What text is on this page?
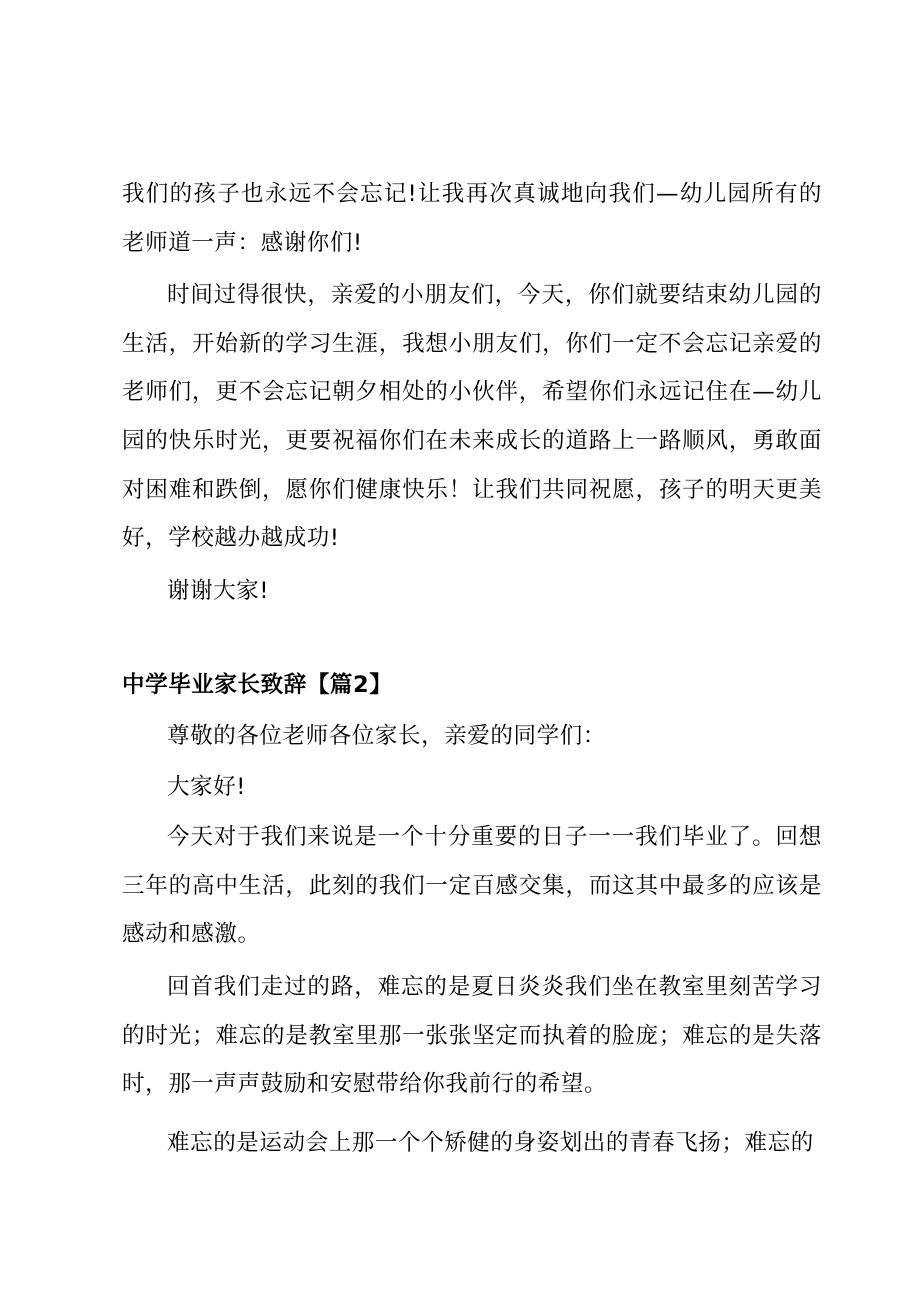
我们的孩子也永远不会忘记!让我再次真诚地向我们—幼儿园所有的老师道一声：感谢你们!

时间过得很快，亲爱的小朋友们，今天，你们就要结束幼儿园的生活，开始新的学习生涯，我想小朋友们，你们一定不会忘记亲爱的老师们，更不会忘记朝夕相处的小伙伴，希望你们永远记住在—幼儿园的快乐时光，更要祝福你们在未来成长的道路上一路顺风，勇敢面对困难和跌倒，愿你们健康快乐！让我们共同祝愿，孩子的明天更美好，学校越办越成功!

谢谢大家!

中学毕业家长致辞【篇2】

尊敬的各位老师各位家长，亲爱的同学们：

大家好!

今天对于我们来说是一个十分重要的日子一一我们毕业了。回想三年的高中生活，此刻的我们一定百感交集，而这其中最多的应该是感动和感激。

回首我们走过的路，难忘的是夏日炎炎我们坐在教室里刻苦学习的时光；难忘的是教室里那一张张坚定而执着的脸庞；难忘的是失落时，那一声声鼓励和安慰带给你我前行的希望。

难忘的是运动会上那一个个矫健的身姿划出的青春飞扬；难忘的
